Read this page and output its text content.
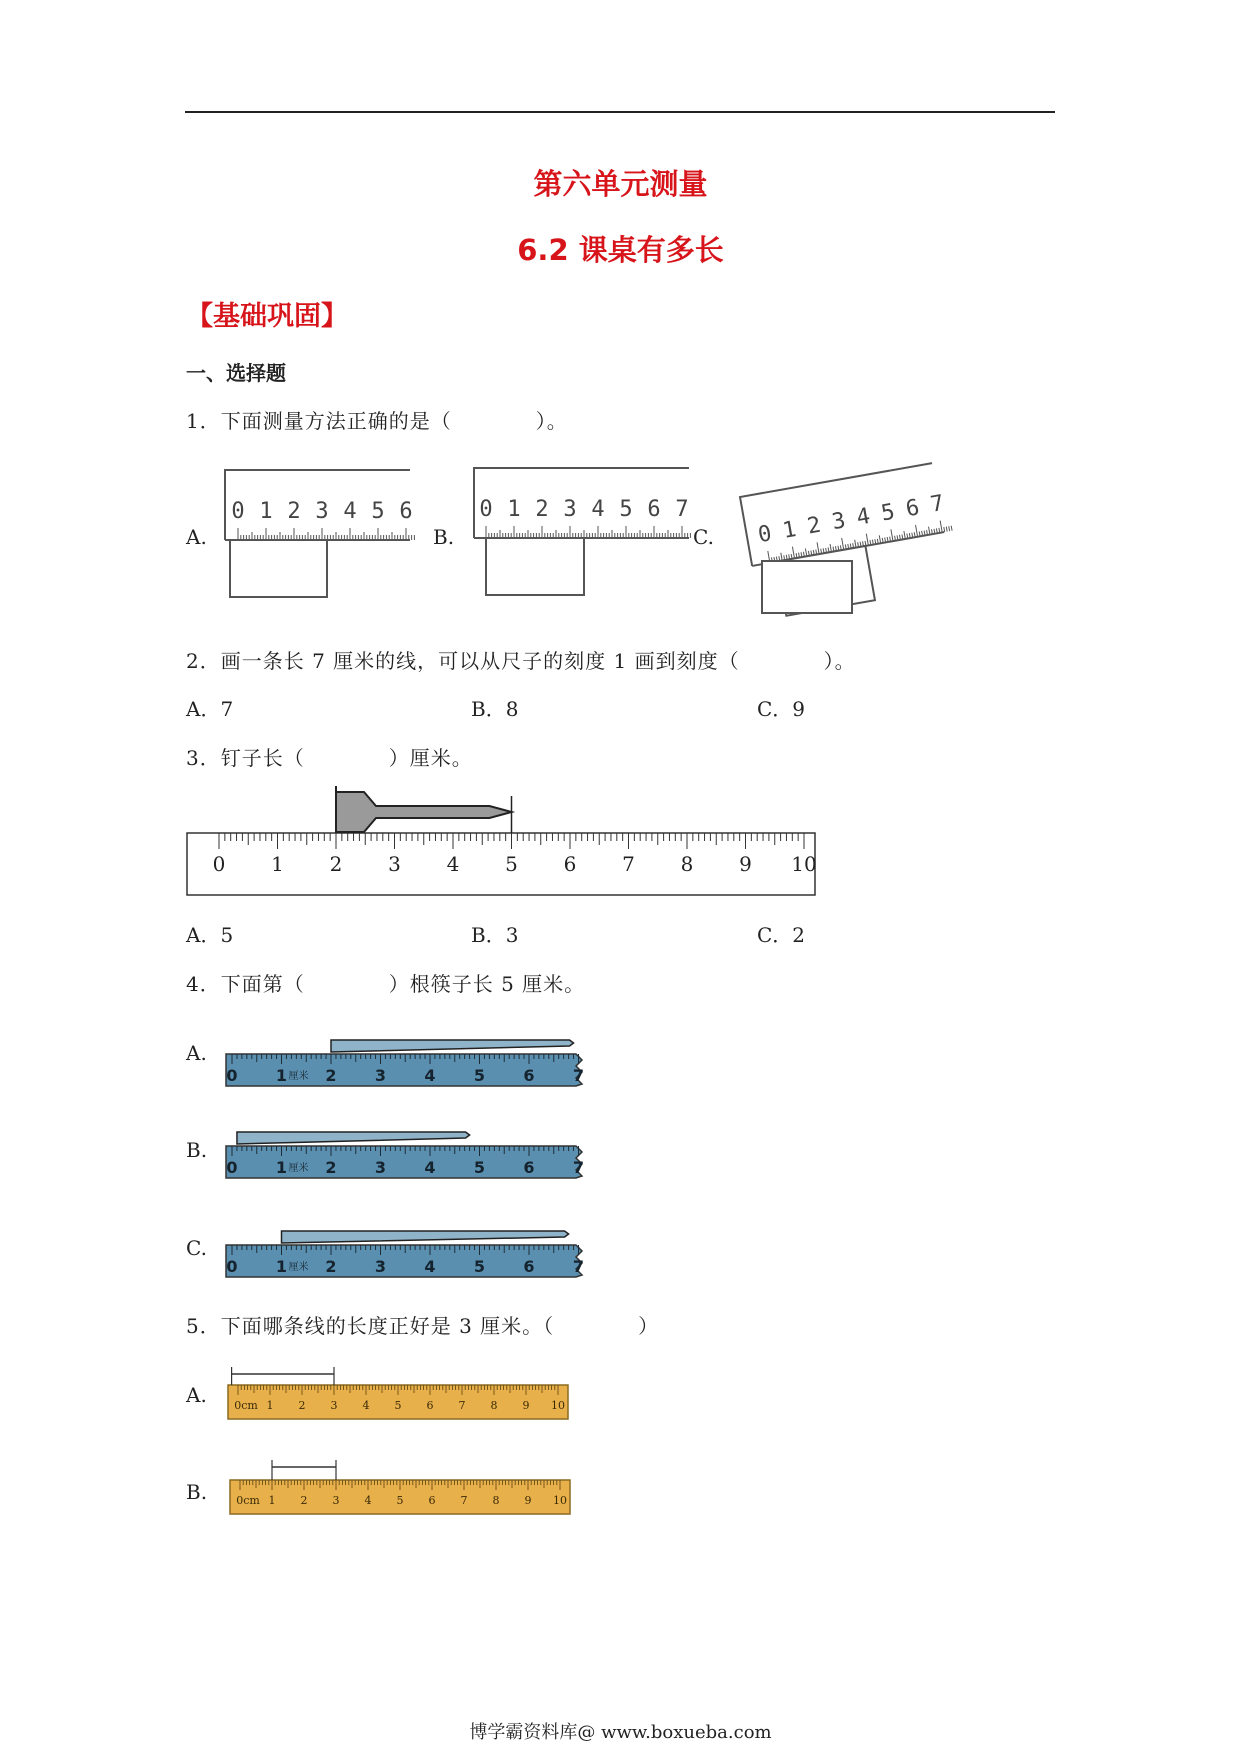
第六单元测量
6.2 课桌有多长
【基础巩固】
一、选择题
1．下面测量方法正确的是（　　　　）。
A.	B.	C.
0 1 2 3 4 5 6	0 1 2 3 4 5 6 7
0 1 2 3 4 5 6 7
2．画一条长 7 厘米的线，可以从尺子的刻度 1 画到刻度（　　　　）。
A．7	B．8	C．9
3．钉子长（　　　　）厘米。
0 1 2 3 4 5 6 7 8 9 10
A．5	B．3	C．2
4．下面第（　　　　）根筷子长 5 厘米。
A.
B.
C.
0 1 2 3 4 5 6 7
厘米
0 1 2 3 4 5 6 7
厘米
0 1 2 3 4 5 6 7
厘米
5．下面哪条线的长度正好是 3 厘米。（　　　　）
A.
B.
0cm 1 2 3 4 5 6 7 8 9 10
0cm 1 2 3 4 5 6 7 8 9 10
博学霸资料库@ www.boxueba.com
